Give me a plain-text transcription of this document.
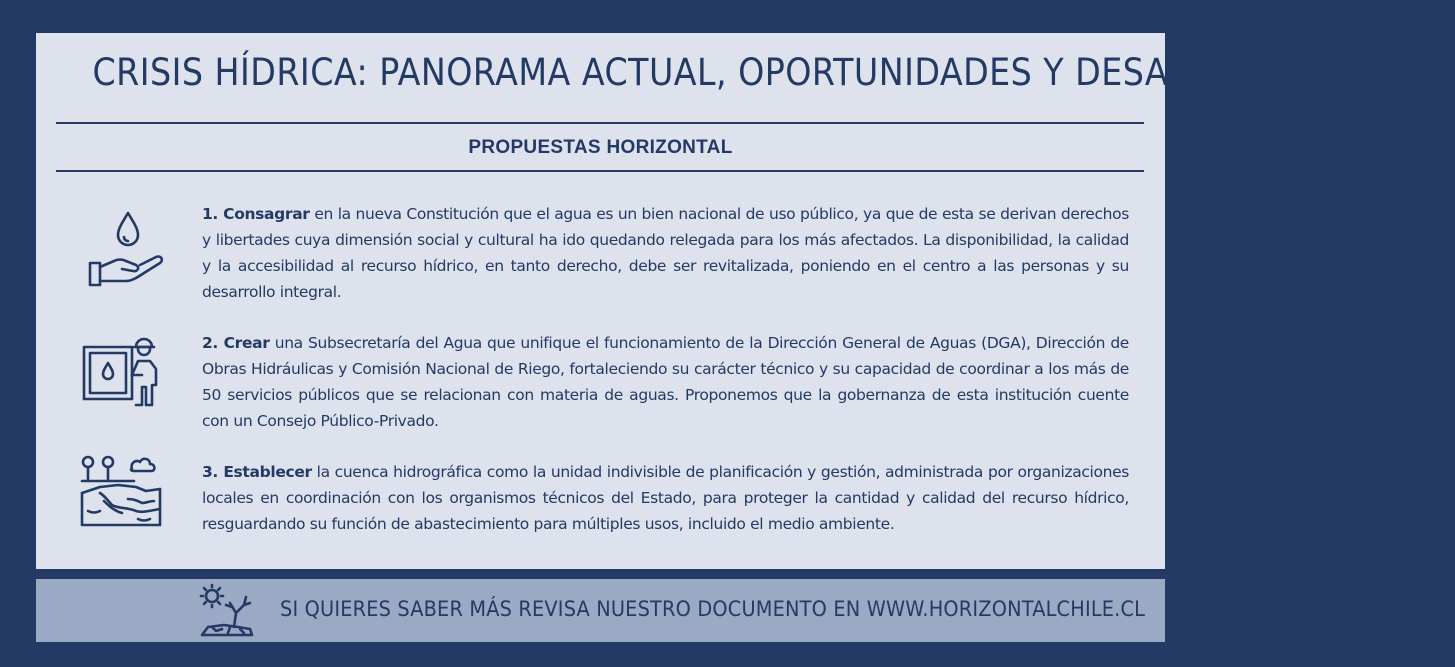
CRISIS HÍDRICA: PANORAMA ACTUAL, OPORTUNIDADES Y DESAFÍOS PARA CHILE
PROPUESTAS HORIZONTAL
1. Consagrar en la nueva Constitución que el agua es un bien nacional de uso público, ya que de esta se derivan derechos y libertades cuya dimensión social y cultural ha ido quedando relegada para los más afectados. La disponibilidad, la calidad y la accesibilidad al recurso hídrico, en tanto derecho, debe ser revitalizada, poniendo en el centro a las personas y su desarrollo integral.
2. Crear una Subsecretaría del Agua que unifique el funcionamiento de la Dirección General de Aguas (DGA), Dirección de Obras Hidráulicas y Comisión Nacional de Riego, fortaleciendo su carácter técnico y su capacidad de coordinar a los más de 50 servicios públicos que se relacionan con materia de aguas. Proponemos que la gobernanza de esta institución cuente con un Consejo Público-Privado.
3. Establecer la cuenca hidrográfica como la unidad indivisible de planificación y gestión, administrada por organizaciones locales en coordinación con los organismos técnicos del Estado, para proteger la cantidad y calidad del recurso hídrico, resguardando su función de abastecimiento para múltiples usos, incluido el medio ambiente.
SI QUIERES SABER MÁS REVISA NUESTRO DOCUMENTO EN WWW.HORIZONTALCHILE.CL
